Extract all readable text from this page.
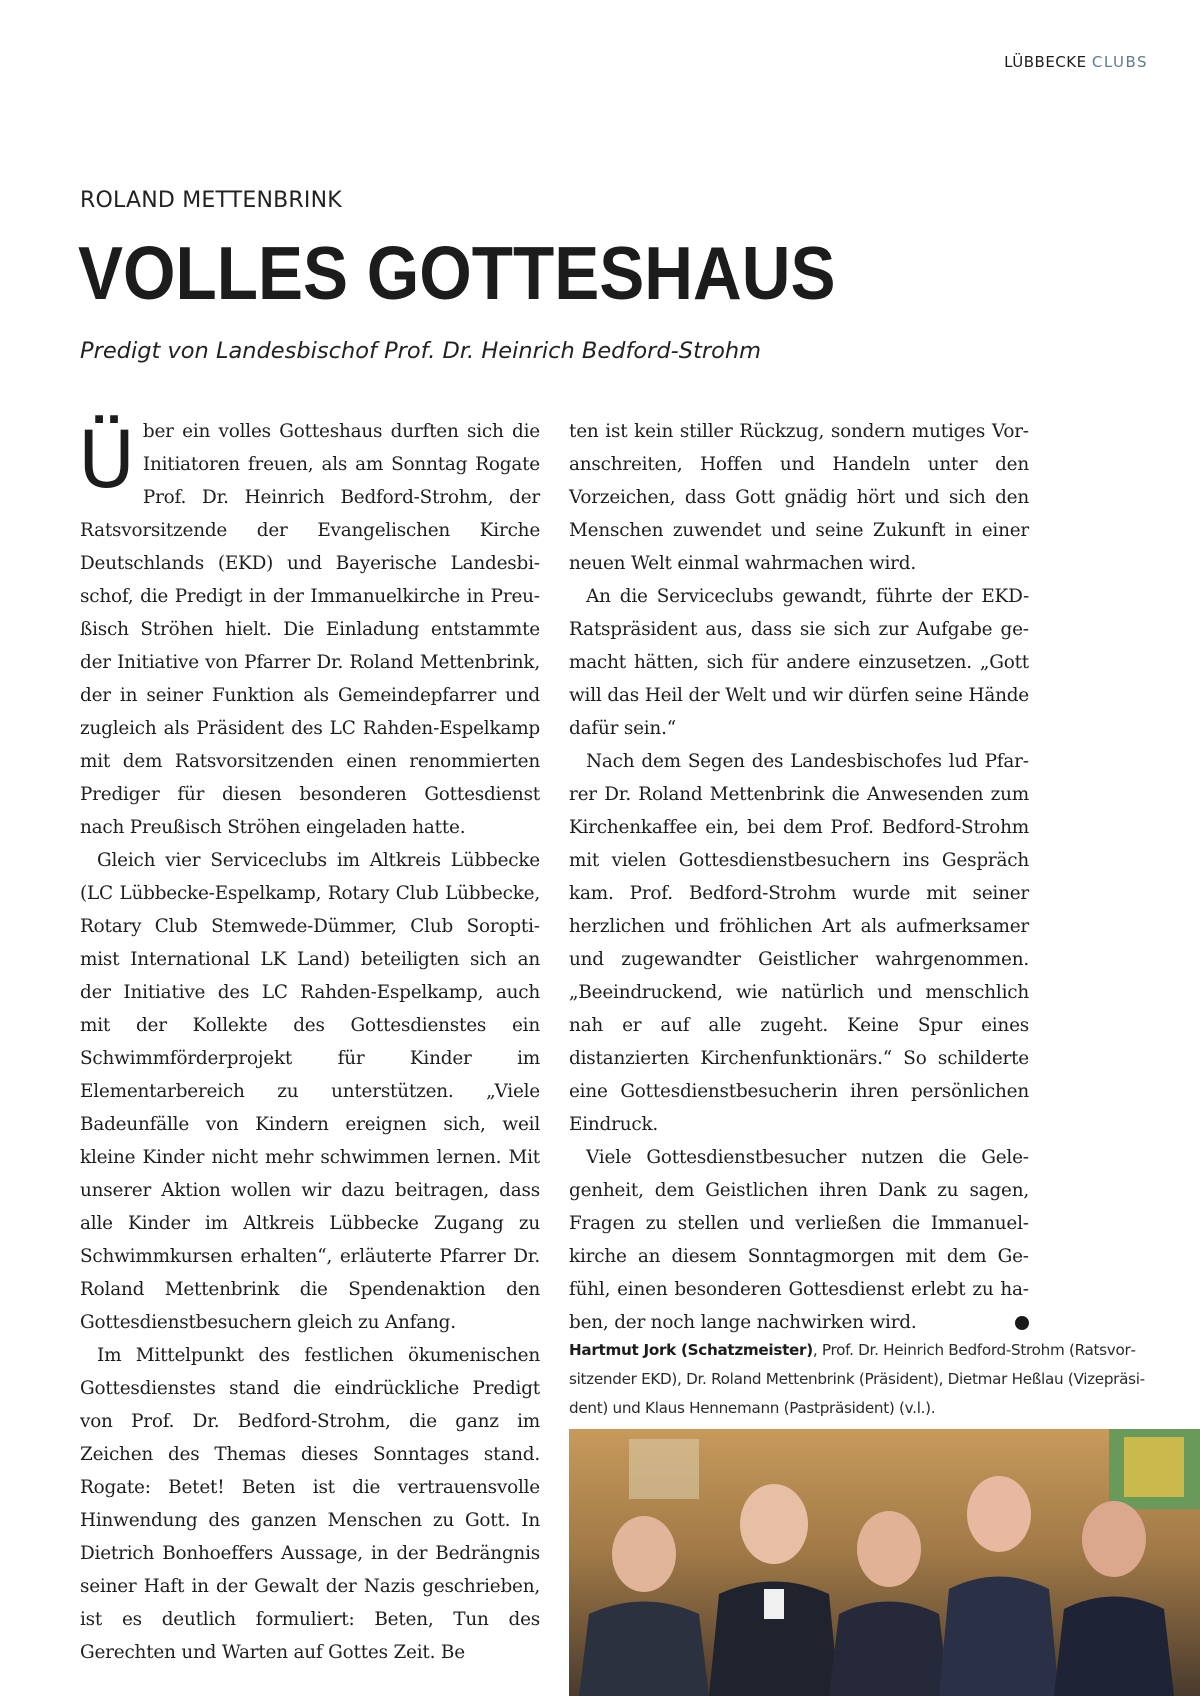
LÜBBECKE CLUBS
ROLAND METTENBRINK
VOLLES GOTTESHAUS
Predigt von Landesbischof Prof. Dr. Heinrich Bedford-Strohm

Über ein volles Gotteshaus durften sich die Initiatoren freuen, als am Sonntag Rogate Prof. Dr. Heinrich Bedford-Strohm, der Ratsvorsitzende der Evangelischen Kirche Deutschlands (EKD) und Bayerische Landesbischof, die Predigt in der Immanuelkirche in Preußisch Ströhen hielt. Die Einladung entstammte der Initiative von Pfarrer Dr. Roland Mettenbrink, der in seiner Funktion als Gemeindepfarrer und zugleich als Präsident des LC Rahden-Espelkamp mit dem Ratsvorsitzenden einen renommierten Prediger für diesen besonderen Gottesdienst nach Preußisch Ströhen eingeladen hatte.

Gleich vier Serviceclubs im Altkreis Lübbecke (LC Lübbecke-Espelkamp, Rotary Club Lübbecke, Rotary Club Stemwede-Dümmer, Club Soroptimist International LK Land) beteiligten sich an der Initiative des LC Rahden-Espelkamp, auch mit der Kollekte des Gottesdienstes ein Schwimmförderprojekt für Kinder im Elementarbereich zu unterstützen. „Viele Badeunfälle von Kindern ereignen sich, weil kleine Kinder nicht mehr schwimmen lernen. Mit unserer Aktion wollen wir dazu beitragen, dass alle Kinder im Altkreis Lübbecke Zugang zu Schwimmkursen erhalten“, erläuterte Pfarrer Dr. Roland Mettenbrink die Spendenaktion den Gottesdienstbesuchern gleich zu Anfang.

Im Mittelpunkt des festlichen ökumenischen Gottesdienstes stand die eindrückliche Predigt von Prof. Dr. Bedford-Strohm, die ganz im Zeichen des Themas dieses Sonntages stand. Rogate: Betet! Beten ist die vertrauensvolle Hinwendung des ganzen Menschen zu Gott. In Dietrich Bonhoeffers Aussage, in der Bedrängnis seiner Haft in der Gewalt der Nazis geschrieben, ist es deutlich formuliert: Beten, Tun des Gerechten und Warten auf Gottes Zeit. Be

ten ist kein stiller Rückzug, sondern mutiges Voranschreiten, Hoffen und Handeln unter den Vorzeichen, dass Gott gnädig hört und sich den Menschen zuwendet und seine Zukunft in einer neuen Welt einmal wahrmachen wird.

An die Serviceclubs gewandt, führte der EKD-Ratspräsident aus, dass sie sich zur Aufgabe gemacht hätten, sich für andere einzusetzen. „Gott will das Heil der Welt und wir dürfen seine Hände dafür sein.“

Nach dem Segen des Landesbischofes lud Pfarrer Dr. Roland Mettenbrink die Anwesenden zum Kirchenkaffee ein, bei dem Prof. Bedford-Strohm mit vielen Gottesdienstbesuchern ins Gespräch kam. Prof. Bedford-Strohm wurde mit seiner herzlichen und fröhlichen Art als aufmerksamer und zugewandter Geistlicher wahrgenommen. „Beeindruckend, wie natürlich und menschlich nah er auf alle zugeht. Keine Spur eines distanzierten Kirchenfunktionärs.“ So schilderte eine Gottesdienstbesucherin ihren persönlichen Eindruck.

Viele Gottesdienstbesucher nutzen die Gelegenheit, dem Geistlichen ihren Dank zu sagen, Fragen zu stellen und verließen die Immanuelkirche an diesem Sonntagmorgen mit dem Gefühl, einen besonderen Gottesdienst erlebt zu haben, der noch lange nachwirken wird.	L

Hartmut Jork (Schatzmeister), Prof. Dr. Heinrich Bedford-Strohm (Ratsvorsitzender EKD), Dr. Roland Mettenbrink (Präsident), Dietmar Heßlau (Vizepräsident) und Klaus Hennemann (Pastpräsident) (v.l.).
